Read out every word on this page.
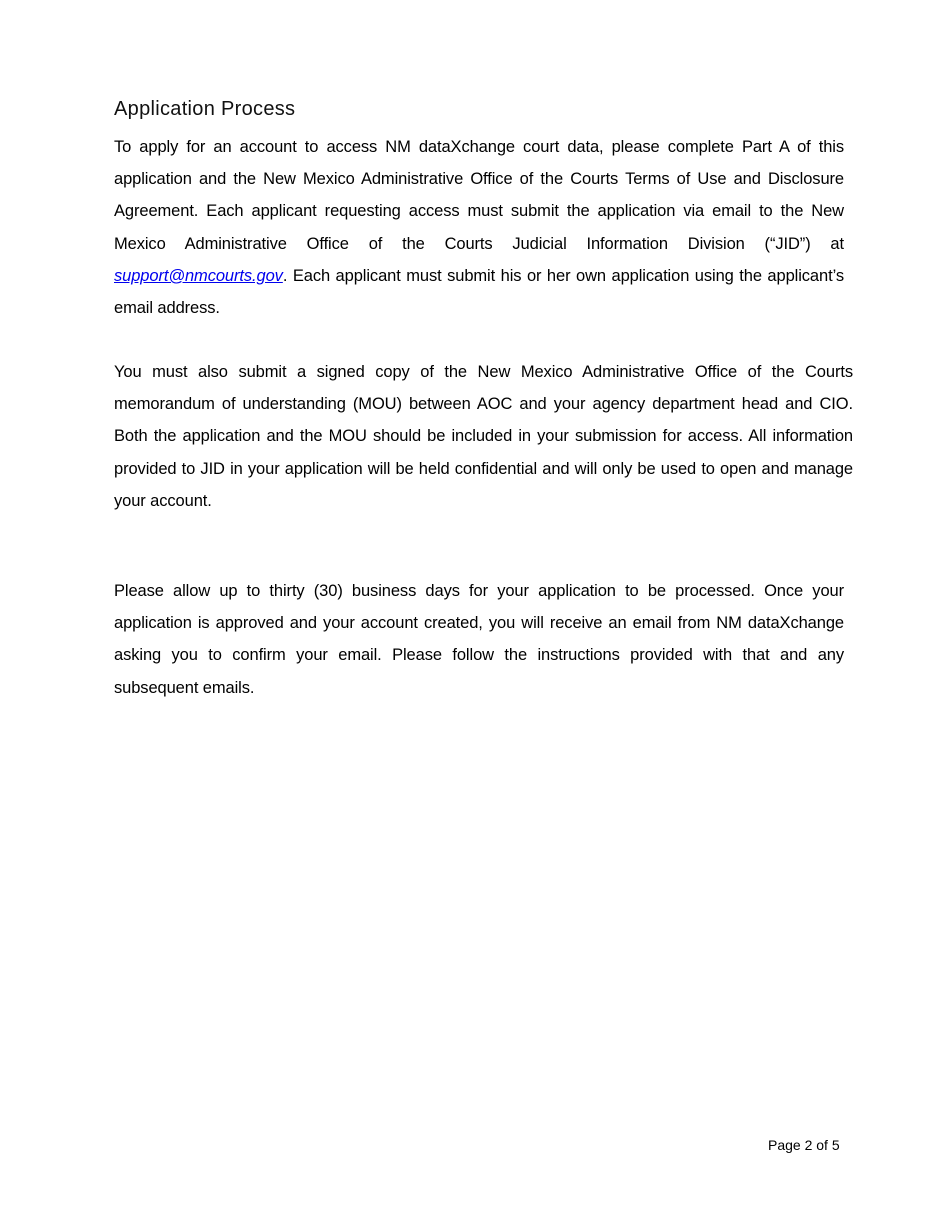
Application Process

To apply for an account to access NM dataXchange court data, please complete Part A of this application and the New Mexico Administrative Office of the Courts Terms of Use and Disclosure Agreement. Each applicant requesting access must submit the application via email to the New Mexico Administrative Office of the Courts Judicial Information Division (“JID”) at support@nmcourts.gov. Each applicant must submit his or her own application using the applicant’s email address.

You must also submit a signed copy of the New Mexico Administrative Office of the Courts memorandum of understanding (MOU) between AOC and your agency department head and CIO. Both the application and the MOU should be included in your submission for access. All information provided to JID in your application will be held confidential and will only be used to open and manage your account.

Please allow up to thirty (30) business days for your application to be processed. Once your application is approved and your account created, you will receive an email from NM dataXchange asking you to confirm your email. Please follow the instructions provided with that and any subsequent emails.

Page 2 of 5
